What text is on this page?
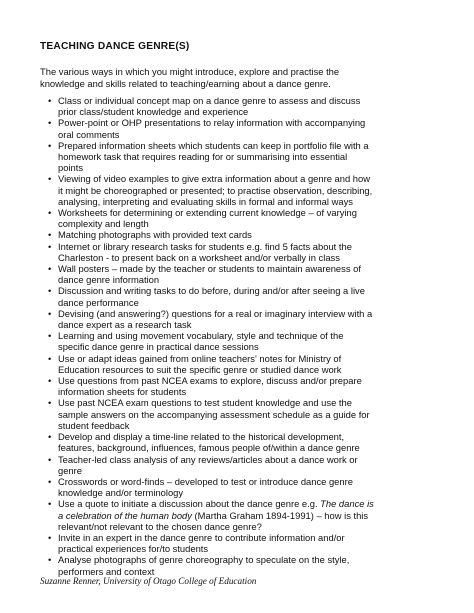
TEACHING DANCE GENRE(S)
The various ways in which you might introduce, explore and practise the
knowledge and skills related to teaching/earning about a dance genre.
• Class or individual concept map on a dance genre to assess and discuss
prior class/student knowledge and experience
• Power-point or OHP presentations to relay information with accompanying
oral comments
• Prepared information sheets which students can keep in portfolio file with a
homework task that requires reading for or summarising into essential
points
• Viewing of video examples to give extra information about a genre and how
it might be choreographed or presented; to practise observation, describing,
analysing, interpreting and evaluating skills in formal and informal ways
• Worksheets for determining or extending current knowledge – of varying
complexity and length
• Matching photographs with provided text cards
• Internet or library research tasks for students e.g. find 5 facts about the
Charleston - to present back on a worksheet and/or verbally in class
• Wall posters – made by the teacher or students to maintain awareness of
dance genre information
• Discussion and writing tasks to do before, during and/or after seeing a live
dance performance
• Devising (and answering?) questions for a real or imaginary interview with a
dance expert as a research task
• Learning and using movement vocabulary, style and technique of the
specific dance genre in practical dance sessions
• Use or adapt ideas gained from online teachers' notes for Ministry of
Education resources to suit the specific genre or studied dance work
• Use questions from past NCEA exams to explore, discuss and/or prepare
information sheets for students
• Use past NCEA exam questions to test student knowledge and use the
sample answers on the accompanying assessment schedule as a guide for
student feedback
• Develop and display a time-line related to the historical development,
features, background, influences, famous people of/within a dance genre
• Teacher-led class analysis of any reviews/articles about a dance work or
genre
• Crosswords or word-finds – developed to test or introduce dance genre
knowledge and/or terminology
• Use a quote to initiate a discussion about the dance genre e.g. The dance is
a celebration of the human body (Martha Graham 1894-1991) – how is this
relevant/not relevant to the chosen dance genre?
• Invite in an expert in the dance genre to contribute information and/or
practical experiences for/to students
• Analyse photographs of genre choreography to speculate on the style,
performers and context
Suzanne Renner, University of Otago College of Education
